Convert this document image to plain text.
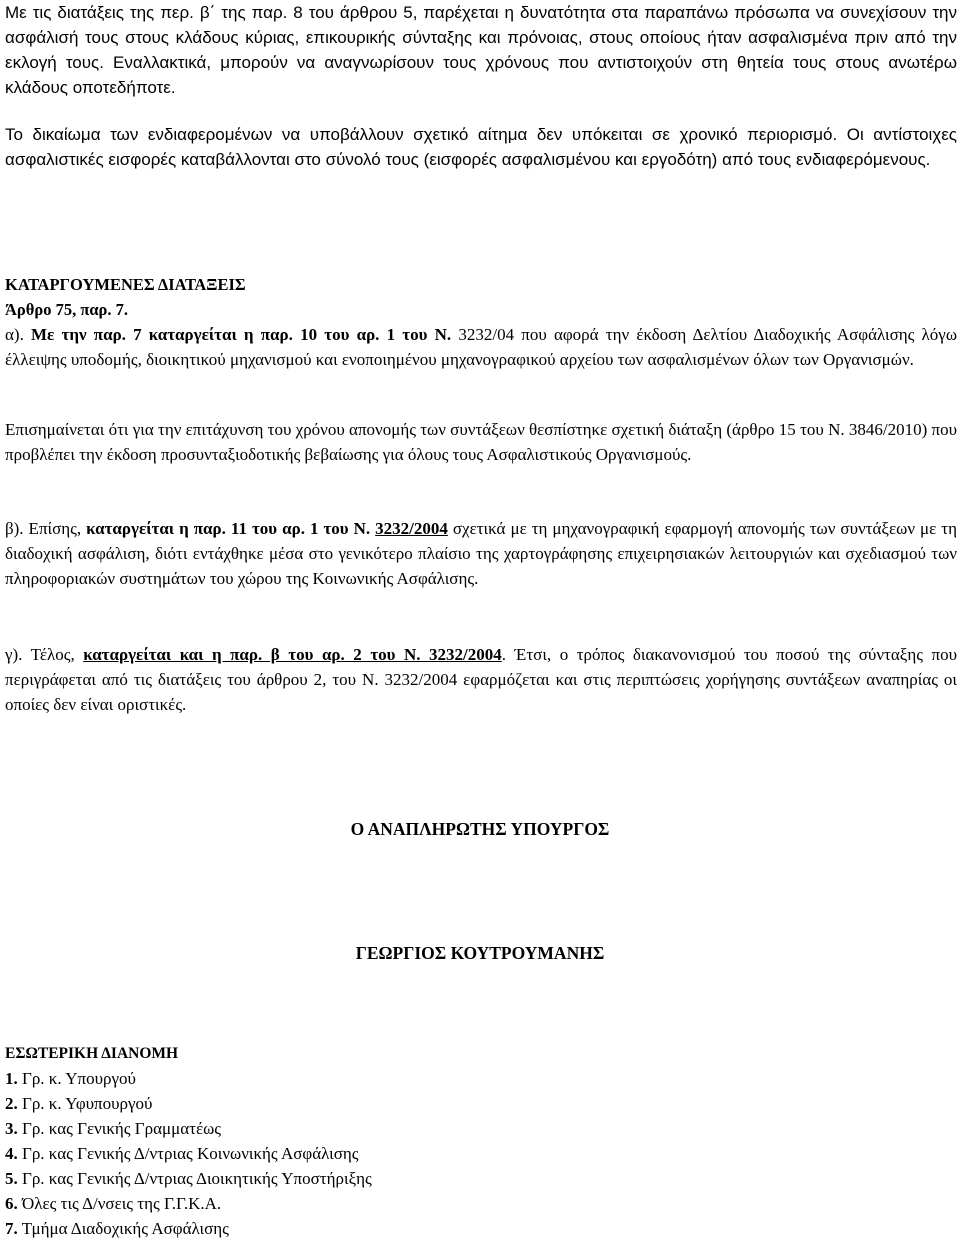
Με τις διατάξεις της περ. β΄ της παρ. 8 του άρθρου 5, παρέχεται η δυνατότητα στα παραπάνω πρόσωπα να συνεχίσουν την ασφάλισή τους στους κλάδους κύριας, επικουρικής σύνταξης και πρόνοιας, στους οποίους ήταν ασφαλισμένα πριν από την εκλογή τους. Εναλλακτικά, μπορούν να αναγνωρίσουν τους χρόνους που αντιστοιχούν στη θητεία τους στους ανωτέρω κλάδους οποτεδήποτε.

Το δικαίωμα των ενδιαφερομένων να υποβάλλουν σχετικό αίτημα δεν υπόκειται σε χρονικό περιορισμό. Οι αντίστοιχες ασφαλιστικές εισφορές καταβάλλονται στο σύνολό τους (εισφορές ασφαλισμένου και εργοδότη) από τους ενδιαφερόμενους.

ΚΑΤΑΡΓΟΥΜΕΝΕΣ ΔΙΑΤΑΞΕΙΣ
Άρθρο 75, παρ. 7.

α). Με την παρ. 7 καταργείται η παρ. 10 του αρ. 1 του Ν. 3232/04 που αφορά την έκδοση Δελτίου Διαδοχικής Ασφάλισης λόγω έλλειψης υποδομής, διοικητικού μηχανισμού και ενοποιημένου μηχανογραφικού αρχείου των ασφαλισμένων όλων των Οργανισμών.

Επισημαίνεται ότι για την επιτάχυνση του χρόνου απονομής των συντάξεων θεσπίστηκε σχετική διάταξη (άρθρο 15 του Ν. 3846/2010) που προβλέπει την έκδοση προσυνταξιοδοτικής βεβαίωσης για όλους τους Ασφαλιστικούς Οργανισμούς.

β). Επίσης, καταργείται η παρ. 11 του αρ. 1 του Ν. 3232/2004 σχετικά με τη μηχανογραφική εφαρμογή απονομής των συντάξεων με τη διαδοχική ασφάλιση, διότι εντάχθηκε μέσα στο γενικότερο πλαίσιο της χαρτογράφησης επιχειρησιακών λειτουργιών και σχεδιασμού των πληροφοριακών συστημάτων του χώρου της Κοινωνικής Ασφάλισης.

γ). Τέλος, καταργείται και η παρ. β του αρ. 2 του Ν. 3232/2004. Έτσι, ο τρόπος διακανονισμού του ποσού της σύνταξης που περιγράφεται από τις διατάξεις του άρθρου 2, του Ν. 3232/2004 εφαρμόζεται και στις περιπτώσεις χορήγησης συντάξεων αναπηρίας οι οποίες δεν είναι οριστικές.

Ο ΑΝΑΠΛΗΡΩΤΗΣ ΥΠΟΥΡΓΟΣ
ΓΕΩΡΓΙΟΣ ΚΟΥΤΡΟΥΜΑΝΗΣ
ΕΣΩΤΕΡΙΚΗ ΔΙΑΝΟΜΗ
1. Γρ. κ. Υπουργού
2. Γρ. κ. Υφυπουργού
3. Γρ. κας Γενικής Γραμματέως
4. Γρ. κας Γενικής Δ/ντριας Κοινωνικής Ασφάλισης
5. Γρ. κας Γενικής Δ/ντριας Διοικητικής Υποστήριξης
6. Όλες τις Δ/νσεις της Γ.Γ.Κ.Α.
7. Τμήμα Διαδοχικής Ασφάλισης
